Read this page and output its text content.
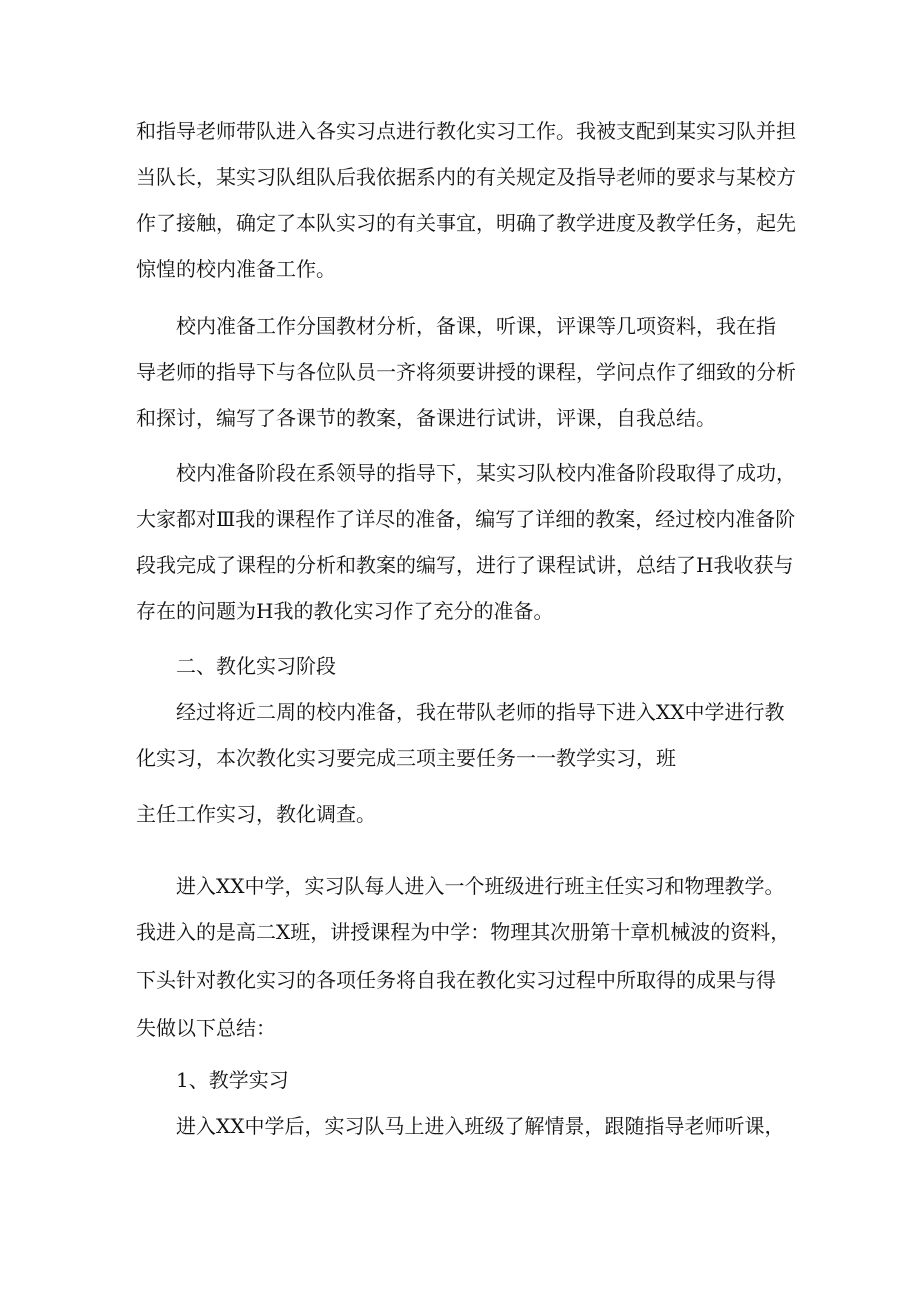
和指导老师带队进入各实习点进行教化实习工作。我被支配到某实习队并担
当队长，某实习队组队后我依据系内的有关规定及指导老师的要求与某校方
作了接触，确定了本队实习的有关事宜，明确了教学进度及教学任务，起先
惊惶的校内准备工作。
校内准备工作分国教材分析，备课，听课，评课等几项资料，我在指
导老师的指导下与各位队员一齐将须要讲授的课程，学问点作了细致的分析
和探讨，编写了各课节的教案，备课进行试讲，评课，自我总结。
校内准备阶段在系领导的指导下，某实习队校内准备阶段取得了成功，
大家都对Ⅲ我的课程作了详尽的准备，编写了详细的教案，经过校内准备阶
段我完成了课程的分析和教案的编写，进行了课程试讲，总结了H我收获与
存在的问题为H我的教化实习作了充分的准备。
二、教化实习阶段
经过将近二周的校内准备，我在带队老师的指导下进入XX中学进行教
化实习，本次教化实习要完成三项主要任务一一教学实习，班
主任工作实习，教化调查。
进入XX中学，实习队每人进入一个班级进行班主任实习和物理教学。
我进入的是高二X班，讲授课程为中学：物理其次册第十章机械波的资料，
下头针对教化实习的各项任务将自我在教化实习过程中所取得的成果与得
失做以下总结：
1、教学实习
进入XX中学后，实习队马上进入班级了解情景，跟随指导老师听课，
